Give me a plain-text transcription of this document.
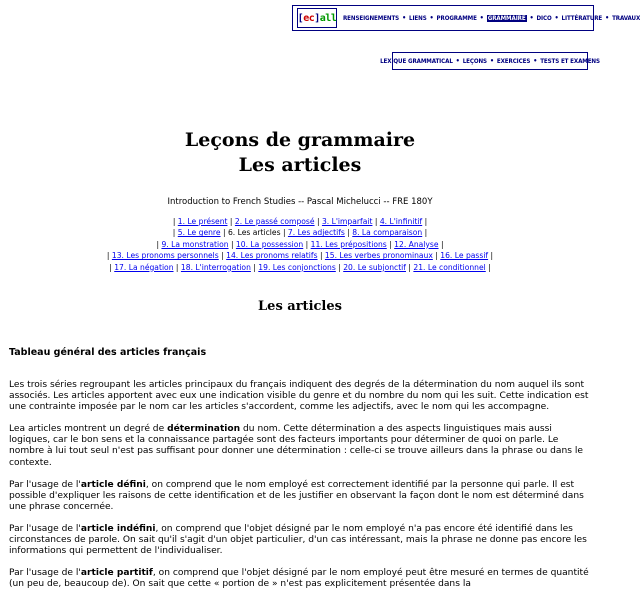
[ ec ] all RENSEIGNEMENTS • LIENS • PROGRAMME • GRAMMAIRE • DICO • LITTÉRATURE • TRAVAUX
LEXIQUE GRAMMATICAL • LEÇONS • EXERCICES • TESTS ET EXAMENS
Leçons de grammaire
Les articles
Introduction to French Studies -- Pascal Michelucci -- FRE 180Y
| 1. Le présent | 2. Le passé composé | 3. L'imparfait | 4. L'infinitif |
| 5. Le genre | 6. Les articles | 7. Les adjectifs | 8. La comparaison |
| 9. La monstration | 10. La possession | 11. Les prépositions | 12. Analyse |
| 13. Les pronoms personnels | 14. Les pronoms relatifs | 15. Les verbes pronominaux | 16. Le passif |
| 17. La négation | 18. L'interrogation | 19. Les conjonctions | 20. Le subjonctif | 21. Le conditionnel |
Les articles
Tableau général des articles français

Les trois séries regroupant les articles principaux du français indiquent des degrés de la détermination du nom auquel ils sont associés. Les articles apportent avec eux une indication visible du genre et du nombre du nom qui les suit. Cette indication est une contrainte imposée par le nom car les articles s'accordent, comme les adjectifs, avec le nom qui les accompagne.

Lea articles montrent un degré de détermination du nom. Cette détermination a des aspects linguistiques mais aussi logiques, car le bon sens et la connaissance partagée sont des facteurs importants pour déterminer de quoi on parle. Le nombre à lui tout seul n'est pas suffisant pour donner une détermination : celle-ci se trouve ailleurs dans la phrase ou dans le contexte.

Par l'usage de l'article défini, on comprend que le nom employé est correctement identifié par la personne qui parle. Il est possible d'expliquer les raisons de cette identification et de les justifier en observant la façon dont le nom est déterminé dans une phrase concernée.

Par l'usage de l'article indéfini, on comprend que l'objet désigné par le nom employé n'a pas encore été identifié dans les circonstances de parole. On sait qu'il s'agit d'un objet particulier, d'un cas intéressant, mais la phrase ne donne pas encore les informations qui permettent de l'individualiser.

Par l'usage de l'article partitif, on comprend que l'objet désigné par le nom employé peut être mesuré en termes de quantité (un peu de, beaucoup de). On sait que cette « portion de » n'est pas explicitement présentée dans la
